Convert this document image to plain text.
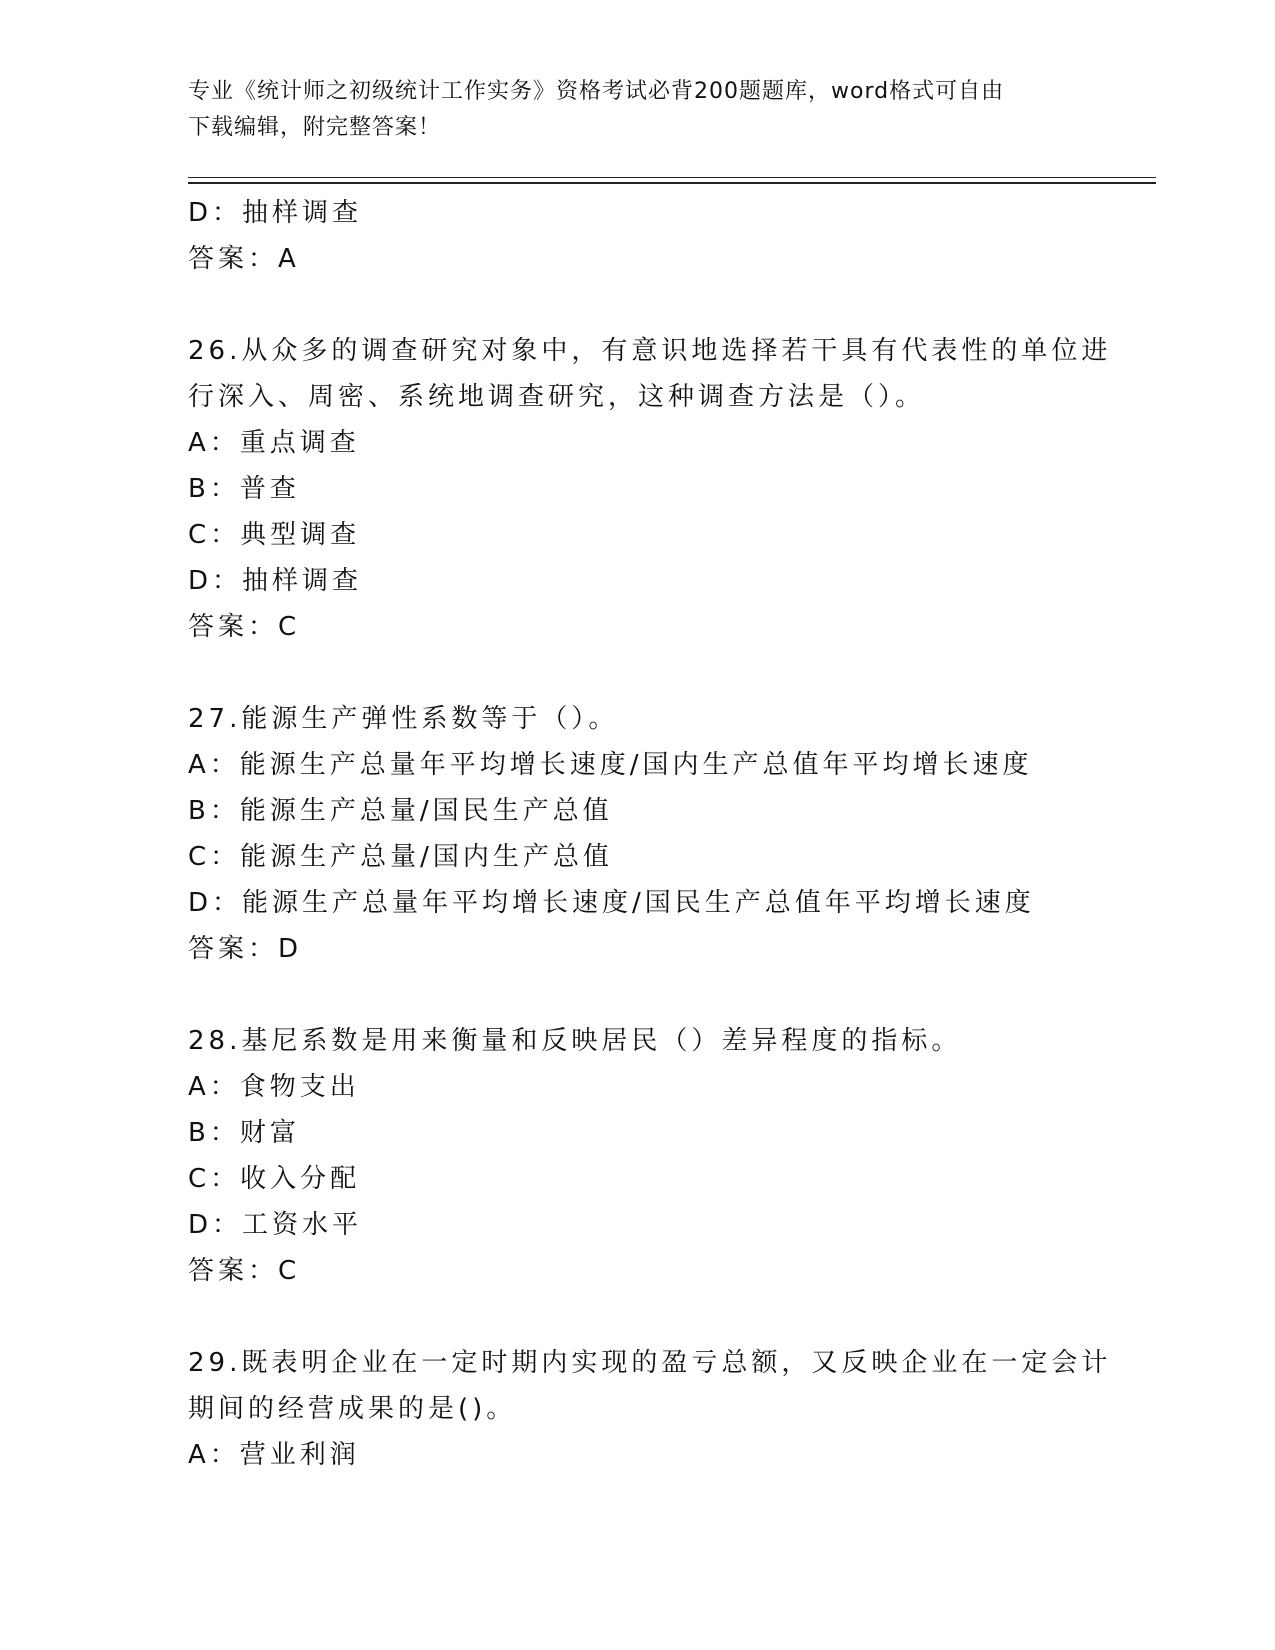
专业《统计师之初级统计工作实务》资格考试必背200题题库，word格式可自由
下载编辑，附完整答案！
D：抽样调查
答案：A
26.从众多的调查研究对象中，有意识地选择若干具有代表性的单位进
行深入、周密、系统地调查研究，这种调查方法是（）。
A：重点调查
B：普查
C：典型调查
D：抽样调查
答案：C
27.能源生产弹性系数等于（）。
A：能源生产总量年平均增长速度/国内生产总值年平均增长速度
B：能源生产总量/国民生产总值
C：能源生产总量/国内生产总值
D：能源生产总量年平均增长速度/国民生产总值年平均增长速度
答案：D
28.基尼系数是用来衡量和反映居民（）差异程度的指标。
A：食物支出
B：财富
C：收入分配
D：工资水平
答案：C
29.既表明企业在一定时期内实现的盈亏总额，又反映企业在一定会计
期间的经营成果的是()。
A：营业利润
